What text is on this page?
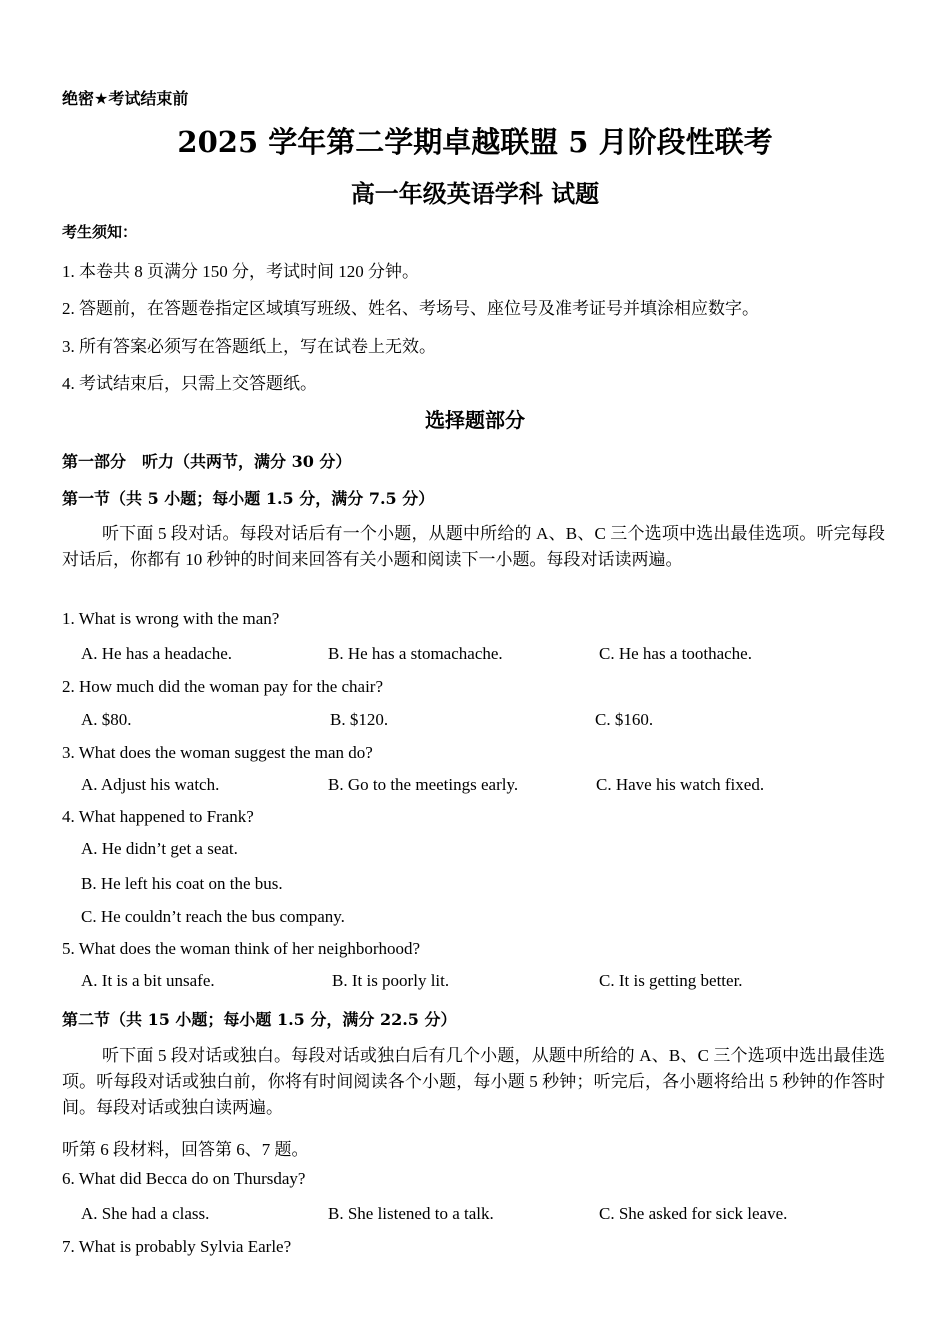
绝密★考试结束前
2025 学年第二学期卓越联盟 5 月阶段性联考
高一年级英语学科 试题
考生须知：
1. 本卷共 8 页满分 150 分，考试时间 120 分钟。
2. 答题前，在答题卷指定区域填写班级、姓名、考场号、座位号及准考证号并填涂相应数字。
3. 所有答案必须写在答题纸上，写在试卷上无效。
4. 考试结束后，只需上交答题纸。
选择题部分
第一部分　听力（共两节，满分 30 分）
第一节（共 5 小题；每小题 1.5 分，满分 7.5 分）
听下面 5 段对话。每段对话后有一个小题，从题中所给的 A、B、C 三个选项中选出最佳选项。听完每段对话后，你都有 10 秒钟的时间来回答有关小题和阅读下一小题。每段对话读两遍。
1. What is wrong with the man?
A. He has a headache.	B. He has a stomachache.	C. He has a toothache.
2. How much did the woman pay for the chair?
A. $80.	B. $120.	C. $160.
3. What does the woman suggest the man do?
A. Adjust his watch.	B. Go to the meetings early.	C. Have his watch fixed.
4. What happened to Frank?
A. He didn’t get a seat.
B. He left his coat on the bus.
C. He couldn’t reach the bus company.
5. What does the woman think of her neighborhood?
A. It is a bit unsafe.	B. It is poorly lit.	C. It is getting better.
第二节（共 15 小题；每小题 1.5 分，满分 22.5 分）
听下面 5 段对话或独白。每段对话或独白后有几个小题，从题中所给的 A、B、C 三个选项中选出最佳选项。听每段对话或独白前，你将有时间阅读各个小题，每小题 5 秒钟；听完后，各小题将给出 5 秒钟的作答时间。每段对话或独白读两遍。
听第 6 段材料，回答第 6、7 题。
6. What did Becca do on Thursday?
A. She had a class.	B. She listened to a talk.	C. She asked for sick leave.
7. What is probably Sylvia Earle?
